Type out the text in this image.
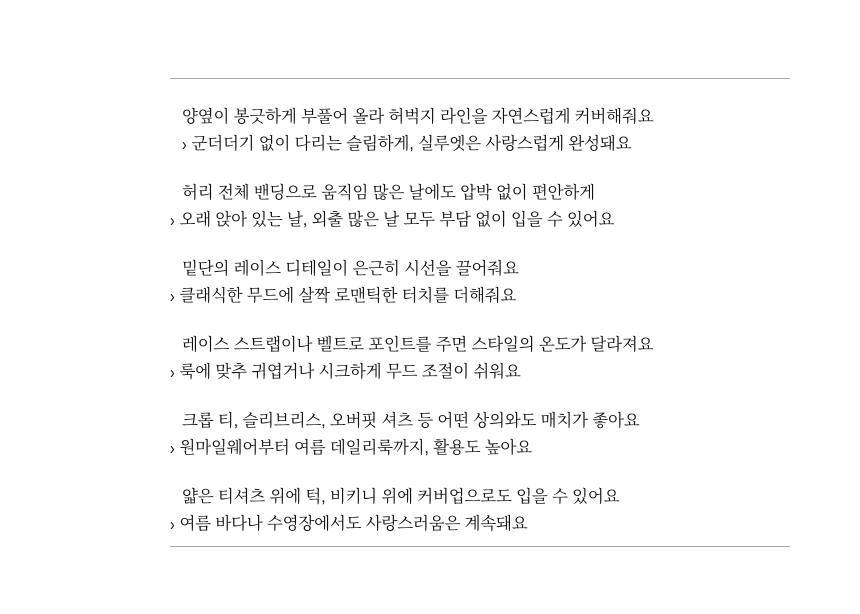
양옆이 봉긋하게 부풀어 올라 허벅지 라인을 자연스럽게 커버해줘요
› 군더더기 없이 다리는 슬림하게, 실루엣은 사랑스럽게 완성돼요
허리 전체 밴딩으로 움직임 많은 날에도 압박 없이 편안하게
› 오래 앉아 있는 날, 외출 많은 날 모두 부담 없이 입을 수 있어요
밑단의 레이스 디테일이 은근히 시선을 끌어줘요
› 클래식한 무드에 살짝 로맨틱한 터치를 더해줘요
레이스 스트랩이나 벨트로 포인트를 주면 스타일의 온도가 달라져요
› 룩에 맞추 귀엽거나 시크하게 무드 조절이 쉬워요
크롭 티, 슬리브리스, 오버핏 셔츠 등 어떤 상의와도 매치가 좋아요
› 원마일웨어부터 여름 데일리룩까지, 활용도 높아요
얇은 티셔츠 위에 턱, 비키니 위에 커버업으로도 입을 수 있어요
› 여름 바다나 수영장에서도 사랑스러움은 계속돼요
